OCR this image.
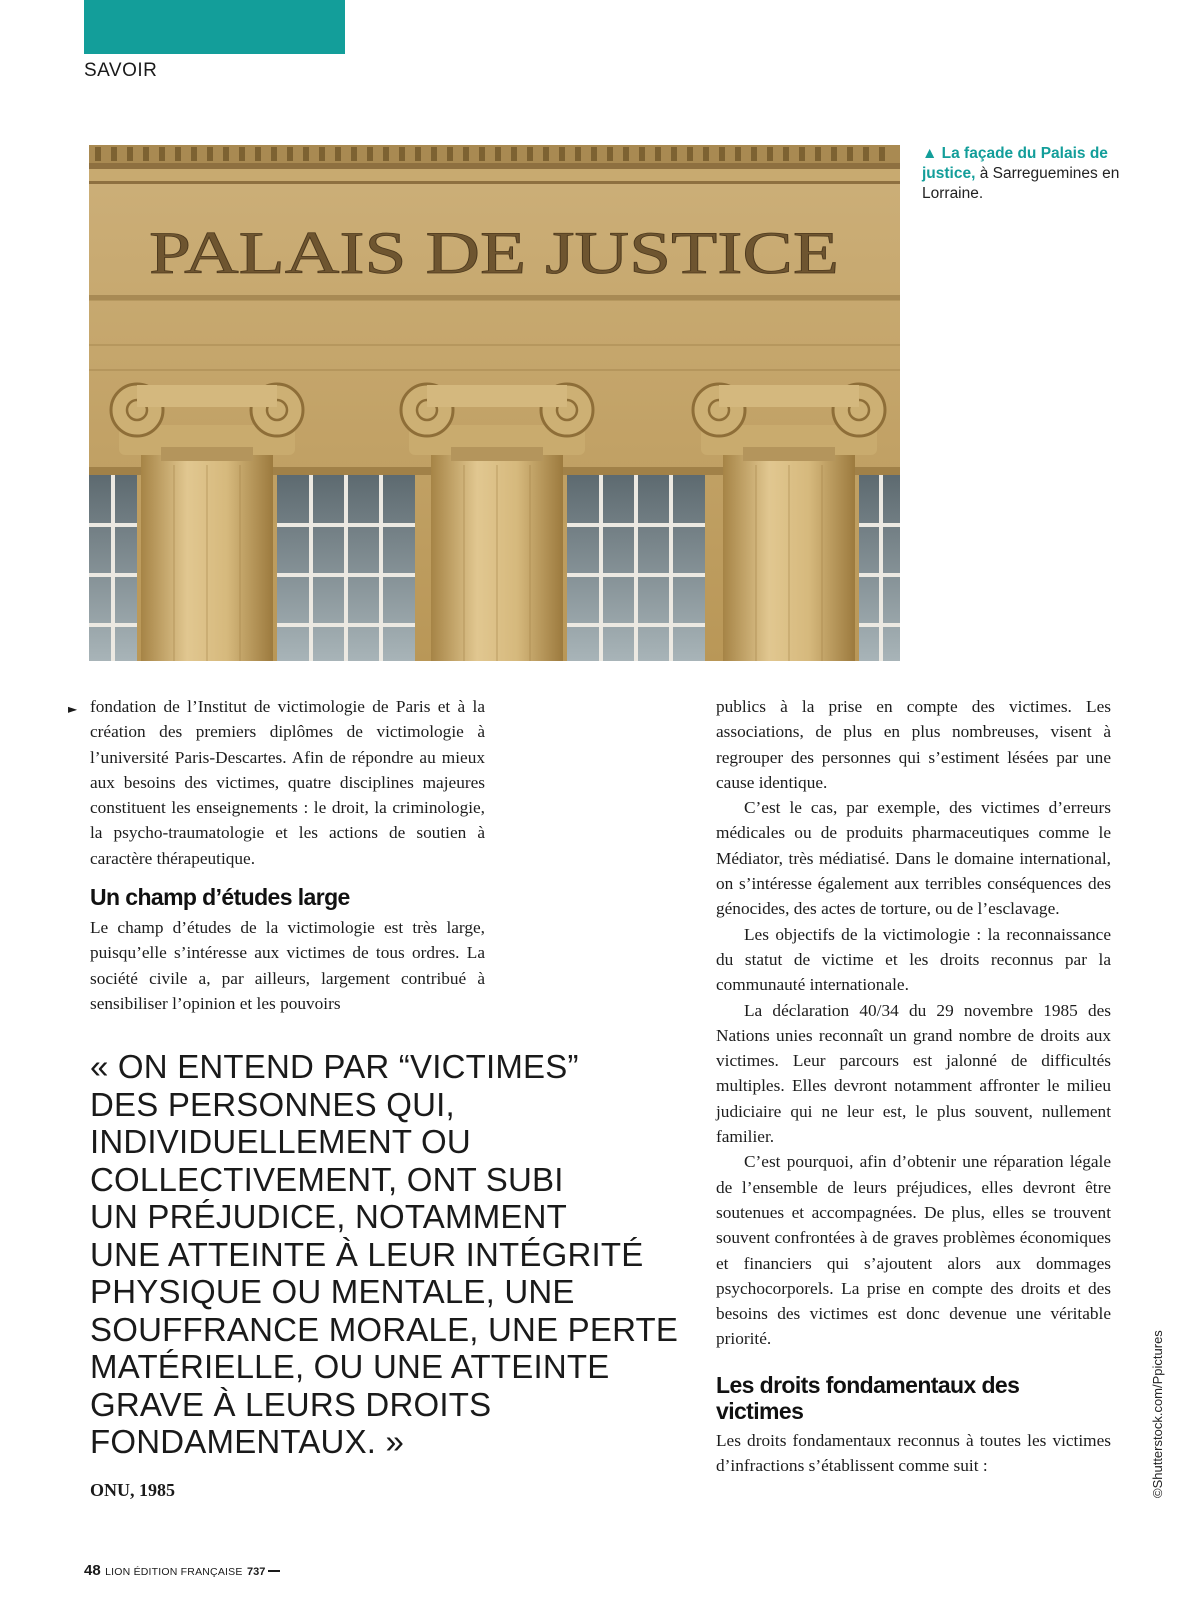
SAVOIR
PALAIS DE JUSTICE
▲ La façade du Palais de justice, à Sarreguemines en Lorraine.
► fondation de l’Institut de victimologie de Paris et à la création des premiers diplômes de victimologie à l’université Paris-Descartes. Afin de répondre au mieux aux besoins des victimes, quatre disciplines majeures constituent les enseignements : le droit, la criminologie, la psycho-traumatologie et les actions de soutien à caractère thérapeutique.

Un champ d’études large

Le champ d’études de la victimologie est très large, puisqu’elle s’intéresse aux victimes de tous ordres. La société civile a, par ailleurs, largement contribué à sensibiliser l’opinion et les pouvoirs

« ON ENTEND PAR “VICTIMES”
DES PERSONNES QUI,
INDIVIDUELLEMENT OU
COLLECTIVEMENT, ONT SUBI
UN PRÉJUDICE, NOTAMMENT
UNE ATTEINTE À LEUR INTÉGRITÉ
PHYSIQUE OU MENTALE, UNE
SOUFFRANCE MORALE, UNE PERTE
MATÉRIELLE, OU UNE ATTEINTE
GRAVE À LEURS DROITS
FONDAMENTAUX. »
ONU, 1985

publics à la prise en compte des victimes. Les associations, de plus en plus nombreuses, visent à regrouper des personnes qui s’estiment lésées par une cause identique.

C’est le cas, par exemple, des victimes d’erreurs médicales ou de produits pharmaceutiques comme le Médiator, très médiatisé. Dans le domaine international, on s’intéresse également aux terribles conséquences des génocides, des actes de torture, ou de l’esclavage.

Les objectifs de la victimologie : la reconnaissance du statut de victime et les droits reconnus par la communauté internationale.

La déclaration 40/34 du 29 novembre 1985 des Nations unies reconnaît un grand nombre de droits aux victimes. Leur parcours est jalonné de difficultés multiples. Elles devront notamment affronter le milieu judiciaire qui ne leur est, le plus souvent, nullement familier.

C’est pourquoi, afin d’obtenir une réparation légale de l’ensemble de leurs préjudices, elles devront être soutenues et accompagnées. De plus, elles se trouvent souvent confrontées à de graves problèmes économiques et financiers qui s’ajoutent alors aux dommages psychocorporels. La prise en compte des droits et des besoins des victimes est donc devenue une véritable priorité.

Les droits fondamentaux des victimes

Les droits fondamentaux reconnus à toutes les victimes d’infractions s’établissent comme suit :	©Shutterstock.com/Ppictures
48 LION ÉDITION FRANÇAISE 737
